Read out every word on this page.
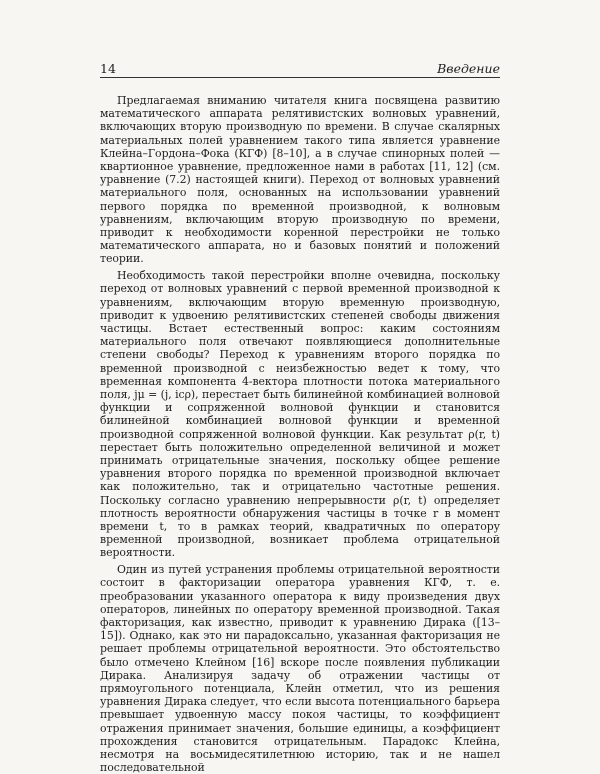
14	Введение

Предлагаемая вниманию читателя книга посвящена развитию математического аппарата релятивистских волновых уравнений, включающих вторую производную по времени. В случае скалярных материальных полей уравнением такого типа является уравнение Клейна–Гордона–Фока (КГФ) [8–10], а в случае спинорных полей — квартионное уравнение, предложенное нами в работах [11, 12] (см. уравнение (7.2) настоящей книги). Переход от волновых уравнений материального поля, основанных на использовании уравнений первого порядка по временной производной, к волновым уравнениям, включающим вторую производную по времени, приводит к необходимости коренной перестройки не только математического аппарата, но и базовых понятий и положений теории.

Необходимость такой перестройки вполне очевидна, поскольку переход от волновых уравнений с первой временной производной к уравнениям, включающим вторую временную производную, приводит к удвоению релятивистских степеней свободы движения частицы. Встает естественный вопрос: каким состояниям материального поля отвечают появляющиеся дополнительные степени свободы? Переход к уравнениям второго порядка по временной производной с неизбежностью ведет к тому, что временная компонента 4-вектора плотности потока материального поля, jμ = (j, icρ), перестает быть билинейной комбинацией волновой функции и сопряженной волновой функции и становится билинейной комбинацией волновой функции и временной производной сопряженной волновой функции. Как результат ρ(r, t) перестает быть положительно определенной величиной и может принимать отрицательные значения, поскольку общее решение уравнения второго порядка по временной производной включает как положительно, так и отрицательно частотные решения. Поскольку согласно уравнению непрерывности ρ(r, t) определяет плотность вероятности обнаружения частицы в точке r в момент времени t, то в рамках теорий, квадратичных по оператору временной производной, возникает проблема отрицательной вероятности.

Один из путей устранения проблемы отрицательной вероятности состоит в факторизации оператора уравнения КГФ, т. е. преобразовании указанного оператора к виду произведения двух операторов, линейных по оператору временной производной. Такая факторизация, как известно, приводит к уравнению Дирака ([13–15]). Однако, как это ни парадоксально, указанная факторизация не решает проблемы отрицательной вероятности. Это обстоятельство было отмечено Клейном [16] вскоре после появления публикации Дирака. Анализируя задачу об отражении частицы от прямоугольного потенциала, Клейн отметил, что из решения уравнения Дирака следует, что если высота потенциального барьера превышает удвоенную массу покоя частицы, то коэффициент отражения принимает значения, большие единицы, а коэффициент прохождения становится отрицательным. Парадокс Клейна, несмотря на восьмидесятилетнюю историю, так и не нашел последовательной
